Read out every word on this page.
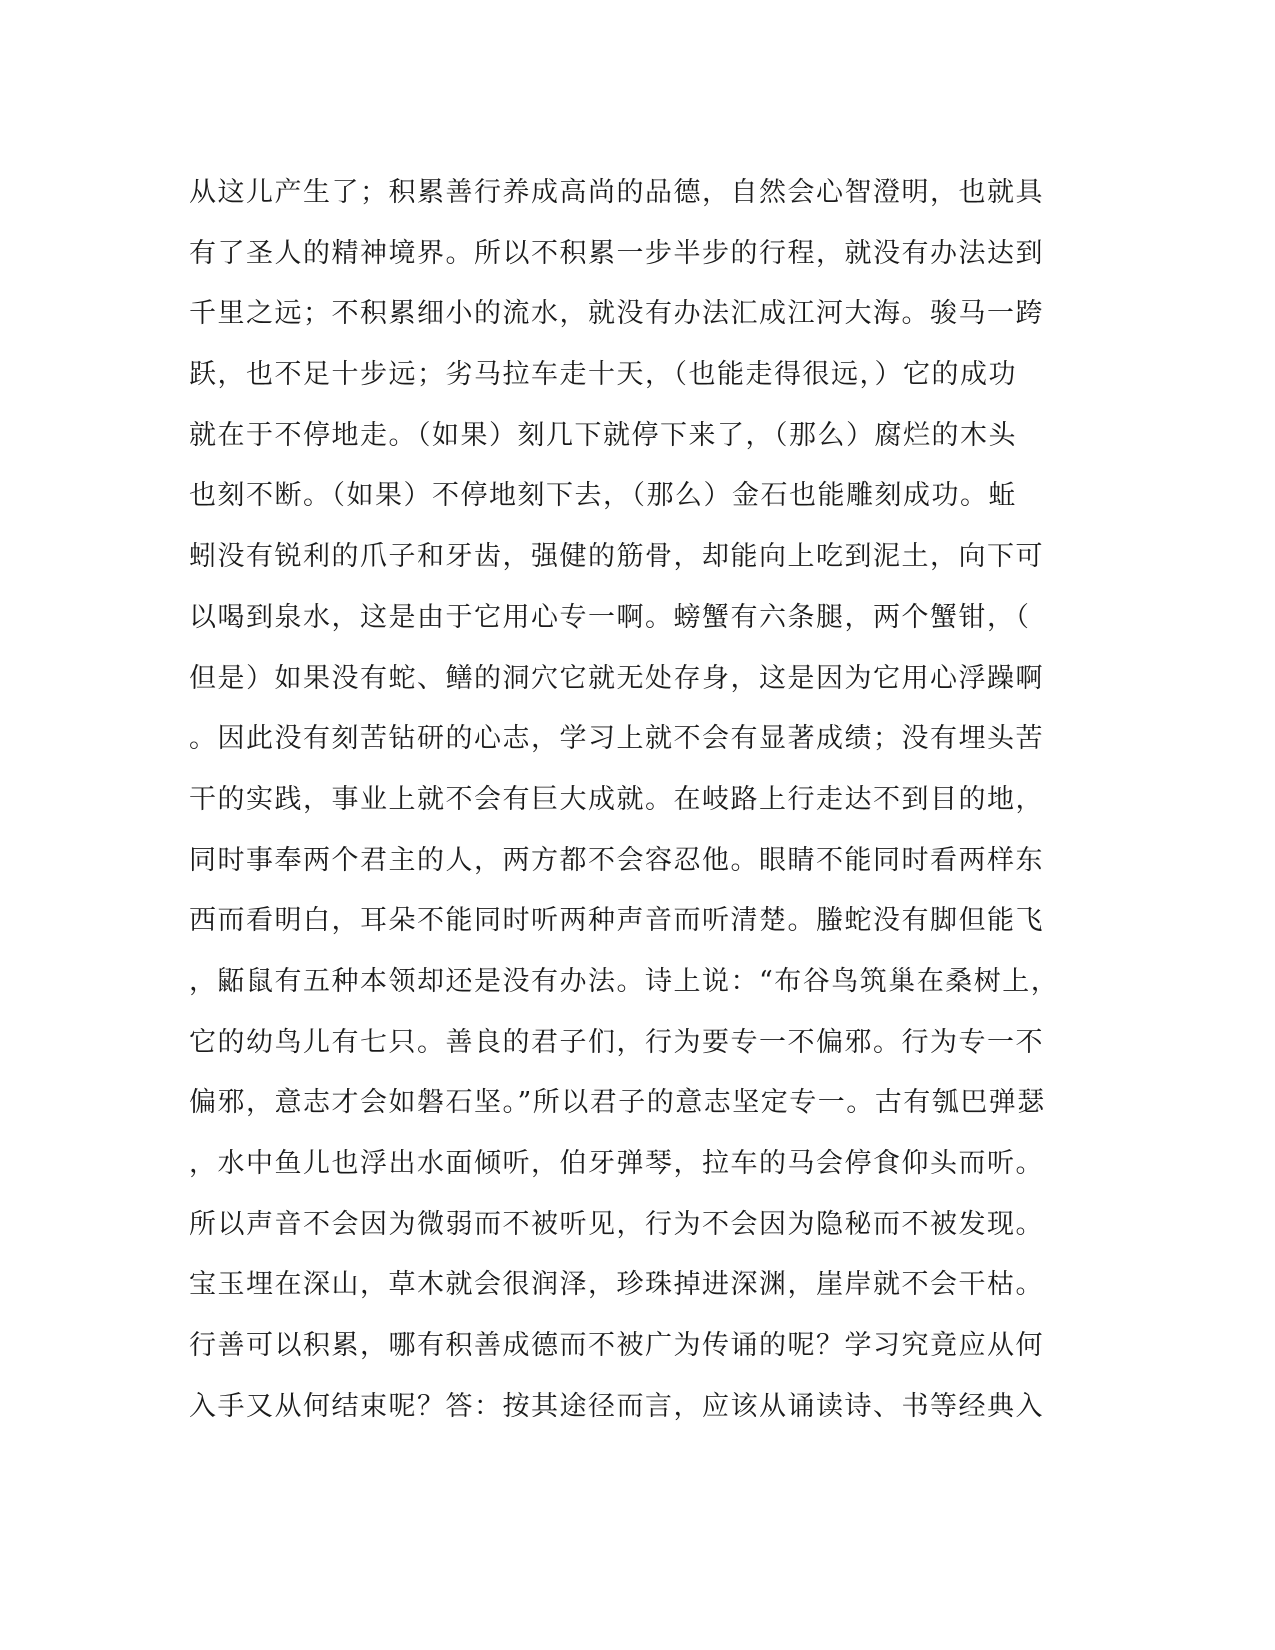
从这儿产生了；积累善行养成高尚的品德，自然会心智澄明，也就具
有了圣人的精神境界。所以不积累一步半步的行程，就没有办法达到
千里之远；不积累细小的流水，就没有办法汇成江河大海。骏马一跨
跃，也不足十步远；劣马拉车走十天，（也能走得很远，）它的成功
就在于不停地走。（如果）刻几下就停下来了，（那么）腐烂的木头
也刻不断。（如果）不停地刻下去，（那么）金石也能雕刻成功。蚯
蚓没有锐利的爪子和牙齿，强健的筋骨，却能向上吃到泥土，向下可
以喝到泉水，这是由于它用心专一啊。螃蟹有六条腿，两个蟹钳，（
但是）如果没有蛇、鳝的洞穴它就无处存身，这是因为它用心浮躁啊
。因此没有刻苦钻研的心志，学习上就不会有显著成绩；没有埋头苦
干的实践，事业上就不会有巨大成就。在岐路上行走达不到目的地，
同时事奉两个君主的人，两方都不会容忍他。眼睛不能同时看两样东
西而看明白，耳朵不能同时听两种声音而听清楚。螣蛇没有脚但能飞
，鼫鼠有五种本领却还是没有办法。诗上说：“布谷鸟筑巢在桑树上，
它的幼鸟儿有七只。善良的君子们，行为要专一不偏邪。行为专一不
偏邪，意志才会如磐石坚。”所以君子的意志坚定专一。古有瓠巴弹瑟
，水中鱼儿也浮出水面倾听，伯牙弹琴，拉车的马会停食仰头而听。
所以声音不会因为微弱而不被听见，行为不会因为隐秘而不被发现。
宝玉埋在深山，草木就会很润泽，珍珠掉进深渊，崖岸就不会干枯。
行善可以积累，哪有积善成德而不被广为传诵的呢？学习究竟应从何
入手又从何结束呢？答：按其途径而言，应该从诵读诗、书等经典入
